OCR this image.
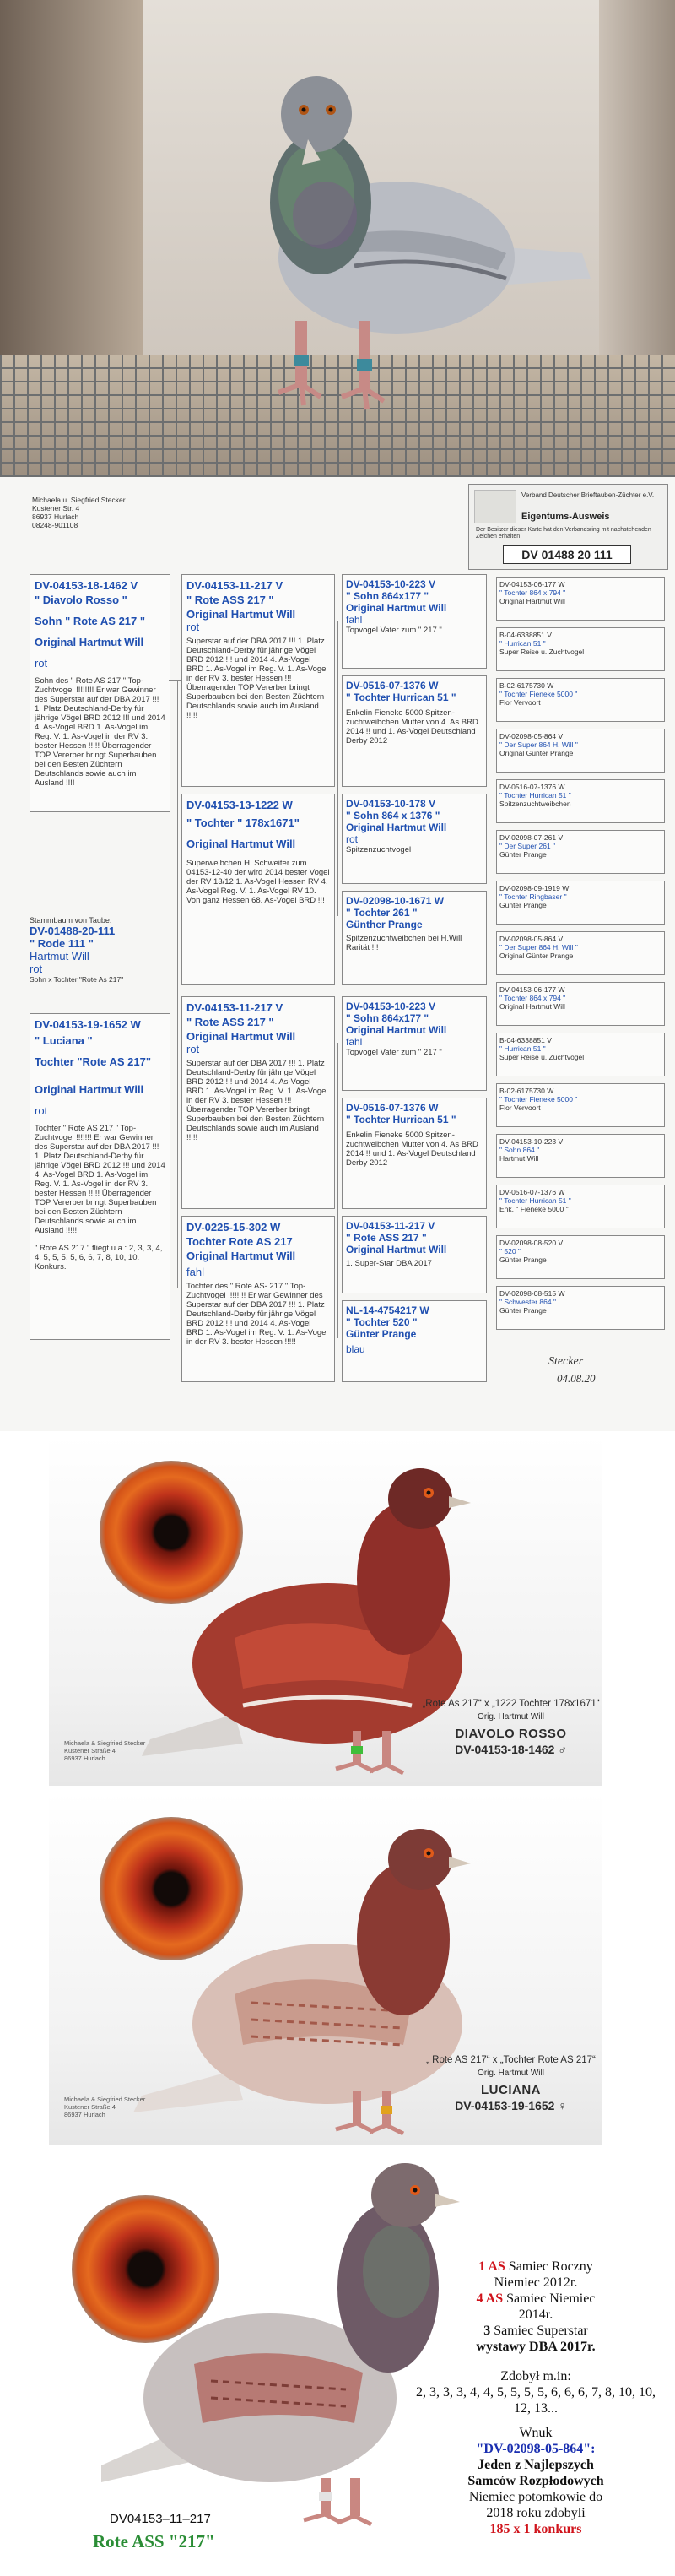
Michaela u. Siegfried Stecker
Kustener Str. 4
86937 Hurlach
08248-901108
Verband Deutscher Brieftauben-Züchter e.V.
Eigentums-Ausweis
Der Besitzer dieser Karte hat den Verbandsring mit nachstehenden Zeichen erhalten
DV 01488 20 111
Stammbaum von Taube:
DV-01488-20-111
" Rode 111 "
Hartmut Will
rot
Sohn x Tochter "Rote As 217"
DV-04153-18-1462 V
" Diavolo Rosso "
Sohn " Rote AS 217 "
Original Hartmut Will
rot
Sohn des " Rote AS 217 " Top-Zuchtvogel !!!!!!!! Er war Gewinner des Superstar auf der DBA 2017 !!! 1. Platz Deutschland-Derby für jährige Vögel BRD 2012 !!! und 2014 4. As-Vogel BRD 1. As-Vogel im Reg. V. 1. As-Vogel in der RV 3. bester Hessen !!!!! Überragender TOP Vererber bringt Superbauben bei den Besten Züchtern Deutschlands sowie auch im Ausland !!!!
DV-04153-19-1652 W
" Luciana "
Tochter "Rote AS 217"
Original Hartmut Will
rot
Tochter " Rote AS 217 " Top-Zuchtvogel !!!!!!! Er war Gewinner des Superstar auf der DBA 2017 !!! 1. Platz Deutschland-Derby für jährige Vögel BRD 2012 !!! und 2014 4. As-Vogel BRD 1. As-Vogel im Reg. V. 1. As-Vogel in der RV 3. bester Hessen !!!!! Überragender TOP Vererber bringt Superbauben bei den Besten Züchtern Deutschlands sowie auch im Ausland !!!!!
" Rote AS 217 " fliegt u.a.: 2, 3, 3, 4, 4, 5, 5, 5, 5, 6, 6, 7, 8, 10, 10. Konkurs.
DV-04153-11-217 V
" Rote ASS 217 "
Original Hartmut Will
rot
Superstar auf der DBA 2017 !!! 1. Platz Deutschland-Derby für jährige Vögel BRD 2012 !!! und 2014 4. As-Vogel BRD 1. As-Vogel im Reg. V. 1. As-Vogel in der RV 3. bester Hessen !!! Überragender TOP Vererber bringt Superbauben bei den Besten Züchtern Deutschlands sowie auch im Ausland !!!!!
DV-04153-13-1222 W
" Tochter " 178x1671"
Original Hartmut Will
Superweibchen H. Schweiter zum 04153-12-40 der wird 2014 bester Vogel der RV 13/12 1. As-Vogel Hessen RV 4. As-Vogel Reg. V. 1. As-Vogel RV 10. Von ganz Hessen 68. As-Vogel BRD !!!
DV-04153-11-217 V
" Rote ASS 217 "
Original Hartmut Will
rot
Superstar auf der DBA 2017 !!! 1. Platz Deutschland-Derby für jährige Vögel BRD 2012 !!! und 2014 4. As-Vogel BRD 1. As-Vogel im Reg. V. 1. As-Vogel in der RV 3. bester Hessen !!! Überragender TOP Vererber bringt Superbauben bei den Besten Züchtern Deutschlands sowie auch im Ausland !!!!!
DV-0225-15-302 W
Tochter Rote AS 217
Original Hartmut Will
fahl
Tochter des " Rote AS- 217 " Top-Zuchtvogel !!!!!!!! Er war Gewinner des Superstar auf der DBA 2017 !!! 1. Platz Deutschland-Derby für jährige Vögel BRD 2012 !!! und 2014 4. As-Vogel BRD 1. As-Vogel im Reg. V. 1. As-Vogel in der RV 3. bester Hessen !!!!!
DV-04153-10-223 V
" Sohn 864x177 "
Original Hartmut Will
fahl
Topvogel Vater zum " 217 "
DV-0516-07-1376 W
" Tochter Hurrican 51 "
Enkelin Fieneke 5000 Spitzen-zuchtweibchen Mutter von 4. As BRD 2014 !! und 1. As-Vogel Deutschland Derby 2012
DV-04153-10-178 V
" Sohn 864 x 1376 "
Original Hartmut Will
rot
Spitzenzuchtvogel
DV-02098-10-1671 W
" Tochter 261 "
Günther Prange
Spitzenzuchtweibchen bei H.Will Rarität !!!
DV-04153-10-223 V
" Sohn 864x177 "
Original Hartmut Will
fahl
Topvogel Vater zum " 217 "
DV-0516-07-1376 W
" Tochter Hurrican 51 "
Enkelin Fieneke 5000 Spitzen-zuchtweibchen Mutter von 4. As BRD 2014 !! und 1. As-Vogel Deutschland Derby 2012
DV-04153-11-217 V
" Rote ASS 217 "
Original Hartmut Will
1. Super-Star DBA 2017
NL-14-4754217 W
" Tochter 520 "
Günter Prange
blau
DV-04153-06-177 W
" Tochter 864 x 794 "
Original Hartmut Will
B-04-6338851 V
" Hurrican 51 "
Super Reise u. Zuchtvogel
B-02-6175730 W
" Tochter Fieneke 5000 "
Flor Vervoort
DV-02098-05-864 V
" Der Super 864 H. Will "
Original Günter Prange
DV-0516-07-1376 W
" Tochter Hurrican 51 "
Spitzenzuchtweibchen
DV-02098-07-261 V
" Der Super 261 "
Günter Prange
DV-02098-09-1919 W
" Tochter Ringbaser "
Günter Prange
DV-02098-05-864 V
" Der Super 864 H. Will "
Original Günter Prange
DV-04153-06-177 W
" Tochter 864 x 794 "
Original Hartmut Will
B-04-6338851 V
" Hurrican 51 "
Super Reise u. Zuchtvogel
B-02-6175730 W
" Tochter Fieneke 5000 "
Flor Vervoort
DV-04153-10-223 V
" Sohn 864 "
Hartmut Will
DV-0516-07-1376 W
" Tochter Hurrican 51 "
Enk. " Fieneke 5000 "
DV-02098-08-520 V
" 520 "
Günter Prange
DV-02098-08-515 W
" Schwester 864 "
Günter Prange
Stecker
04.08.20
Michaela & Siegfried Stecker
Kustener Straße 4
86937 Hurlach
„Rote As 217“ x „1222 Tochter 178x1671“
Orig. Hartmut Will
DIAVOLO ROSSO
DV-04153-18-1462 ♂
Michaela & Siegfried Stecker
Kustener Straße 4
86937 Hurlach
„ Rote AS 217“ x „Tochter Rote AS 217“
Orig. Hartmut Will
LUCIANA
DV-04153-19-1652 ♀
DV04153–11–217
Rote ASS "217"
1 AS Samiec Roczny
Niemiec 2012r.
4 AS Samiec Niemiec
2014r.
3 Samiec Superstar
wystawy DBA 2017r.
Zdobył m.in:
2, 3, 3, 3, 4, 4, 5, 5, 5, 5, 6, 6, 6, 7, 8, 10, 10, 12, 13...
Wnuk
"DV-02098-05-864":
Jeden z Najlepszych
Samców Rozpłodowych
Niemiec potomkowie do
2018 roku zdobyli
185 x 1 konkurs
